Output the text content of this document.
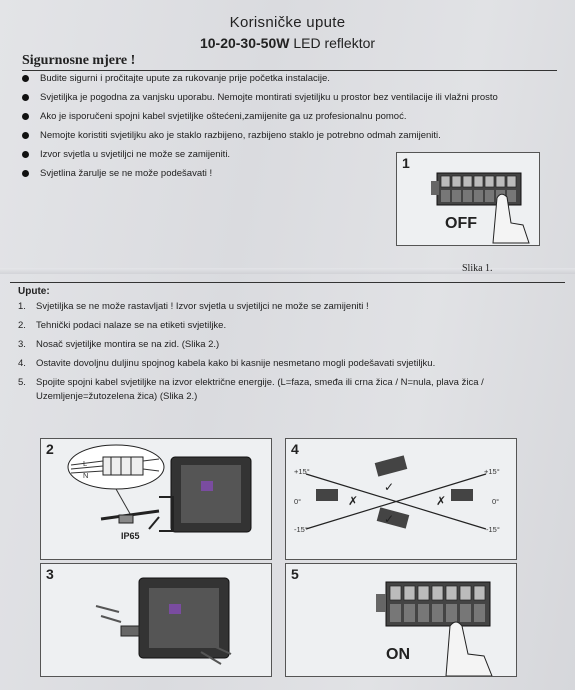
Korisničke upute
10-20-30-50W LED reflektor
Sigurnosne mjere !
Budite sigurni i pročitajte upute za rukovanje prije početka instalacije.
Svjetiljka je pogodna za vanjsku uporabu. Nemojte montirati svjetiljku u prostor bez ventilacije ili vlažni prosto
Ako je isporučeni spojni kabel svjetiljke oštećeni,zamijenite ga uz profesionalnu pomoć.
Nemojte koristiti svjetiljku ako je staklo razbijeno, razbijeno staklo je potrebno odmah zamijeniti.
Izvor svjetla u svjetiljci ne može se zamijeniti.
Svjetlina žarulje se ne može podešavati !
1
OFF
Slika 1.
Upute:
1. Svjetiljka se ne može rastavljati ! Izvor svjetla u svjetiljci ne može se zamijeniti !
2. Tehnički podaci nalaze se na etiketi svjetiljke.
3. Nosač svjetiljke montira se na zid. (Slika 2.)
4. Ostavite dovoljnu duljinu spojnog kabela kako bi kasnije nesmetano mogli podešavati svjetiljku.
5. Spojite spojni kabel svjetiljke na izvor električne energije. (L=faza, smeđa ili crna žica / N=nula, plava žica / Uzemljenje=žutozelena žica) (Slika 2.)
2
IP65
L
N
4
✗	✗
✓
✓
+15°
0°
-15°
+15°
0°
-15°
3	5
ON
